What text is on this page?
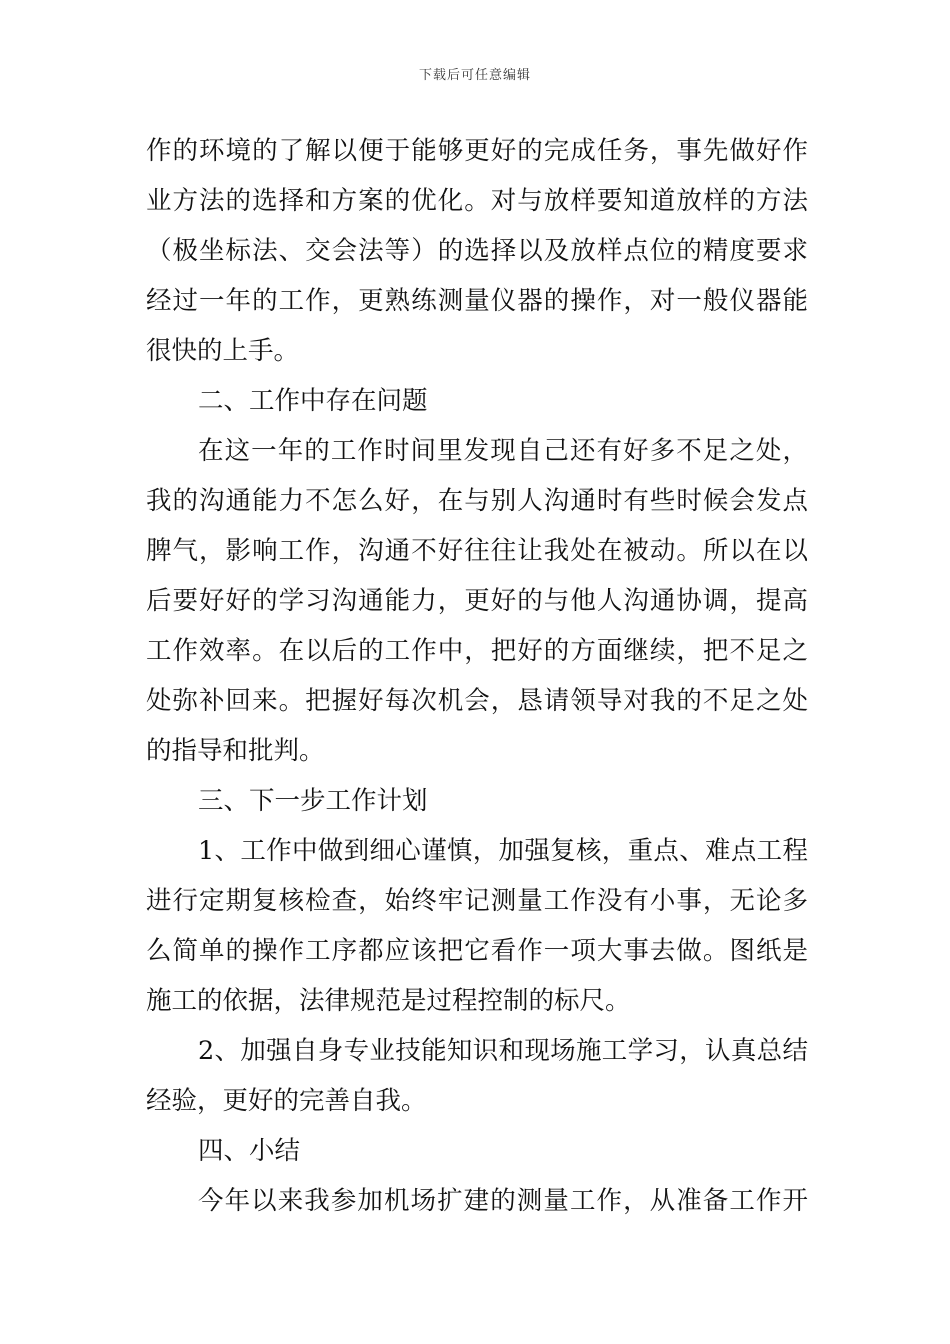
下载后可任意编辑
作的环境的了解以便于能够更好的完成任务，事先做好作
业方法的选择和方案的优化。对与放样要知道放样的方法
（极坐标法、交会法等）的选择以及放样点位的精度要求
经过一年的工作，更熟练测量仪器的操作，对一般仪器能
很快的上手。
二、工作中存在问题
在这一年的工作时间里发现自己还有好多不足之处，
我的沟通能力不怎么好，在与别人沟通时有些时候会发点
脾气，影响工作，沟通不好往往让我处在被动。所以在以
后要好好的学习沟通能力，更好的与他人沟通协调，提高
工作效率。在以后的工作中，把好的方面继续，把不足之
处弥补回来。把握好每次机会，恳请领导对我的不足之处
的指导和批判。
三、下一步工作计划
1、工作中做到细心谨慎，加强复核，重点、难点工程
进行定期复核检查，始终牢记测量工作没有小事，无论多
么简单的操作工序都应该把它看作一项大事去做。图纸是
施工的依据，法律规范是过程控制的标尺。
2、加强自身专业技能知识和现场施工学习，认真总结
经验，更好的完善自我。
四、小结
今年以来我参加机场扩建的测量工作，从准备工作开
